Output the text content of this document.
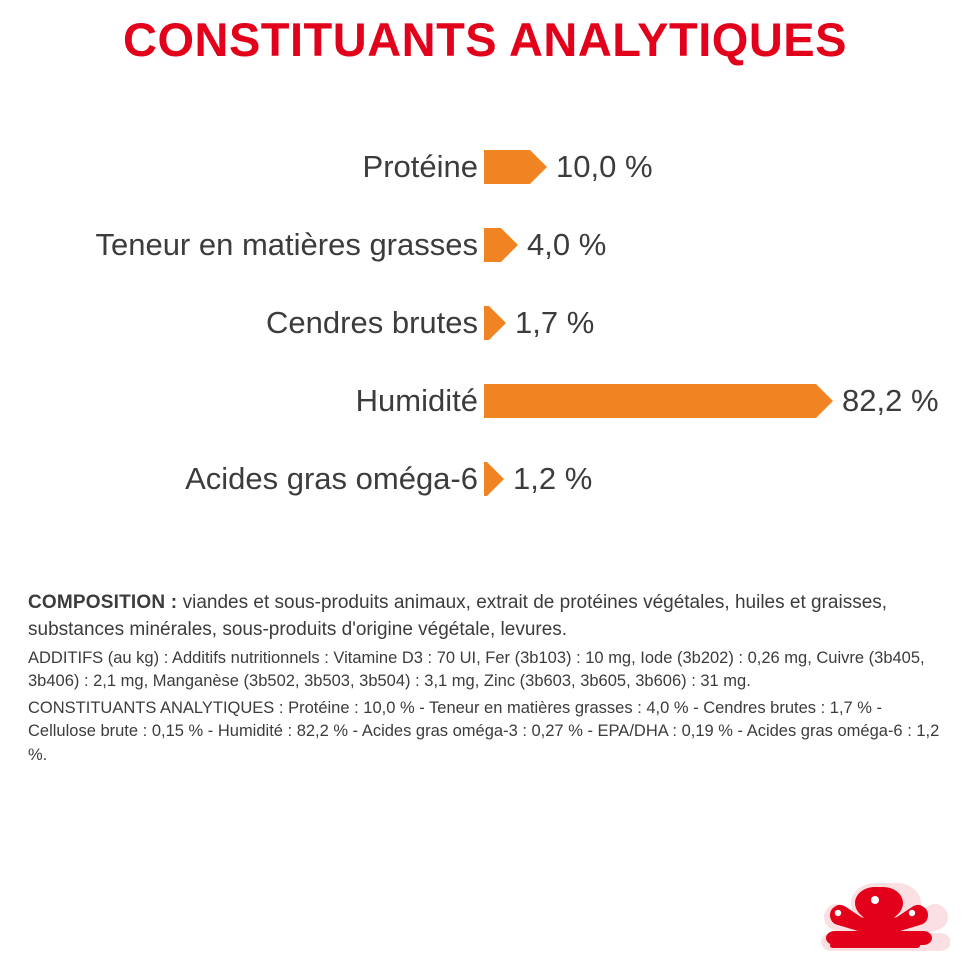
CONSTITUANTS ANALYTIQUES
Protéine	10,0 %
Teneur en matières grasses 4,0 %
Cendres brutes 1,7 %
Humidité	82,2 %
Acides gras oméga-6 1,2 %

COMPOSITION : viandes et sous-produits animaux, extrait de protéines végétales, huiles et graisses, substances minérales, sous-produits d'origine végétale, levures.

ADDITIFS (au kg) : Additifs nutritionnels : Vitamine D3 : 70 UI, Fer (3b103) : 10 mg, Iode (3b202) : 0,26 mg, Cuivre (3b405, 3b406) : 2,1 mg, Manganèse (3b502, 3b503, 3b504) : 3,1 mg, Zinc (3b603, 3b605, 3b606) : 31 mg.

CONSTITUANTS ANALYTIQUES : Protéine : 10,0 % - Teneur en matières grasses : 4,0 % - Cendres brutes : 1,7 % - Cellulose brute : 0,15 % - Humidité : 82,2 % - Acides gras oméga-3 : 0,27 % - EPA/DHA : 0,19 % - Acides gras oméga-6 : 1,2 %.
